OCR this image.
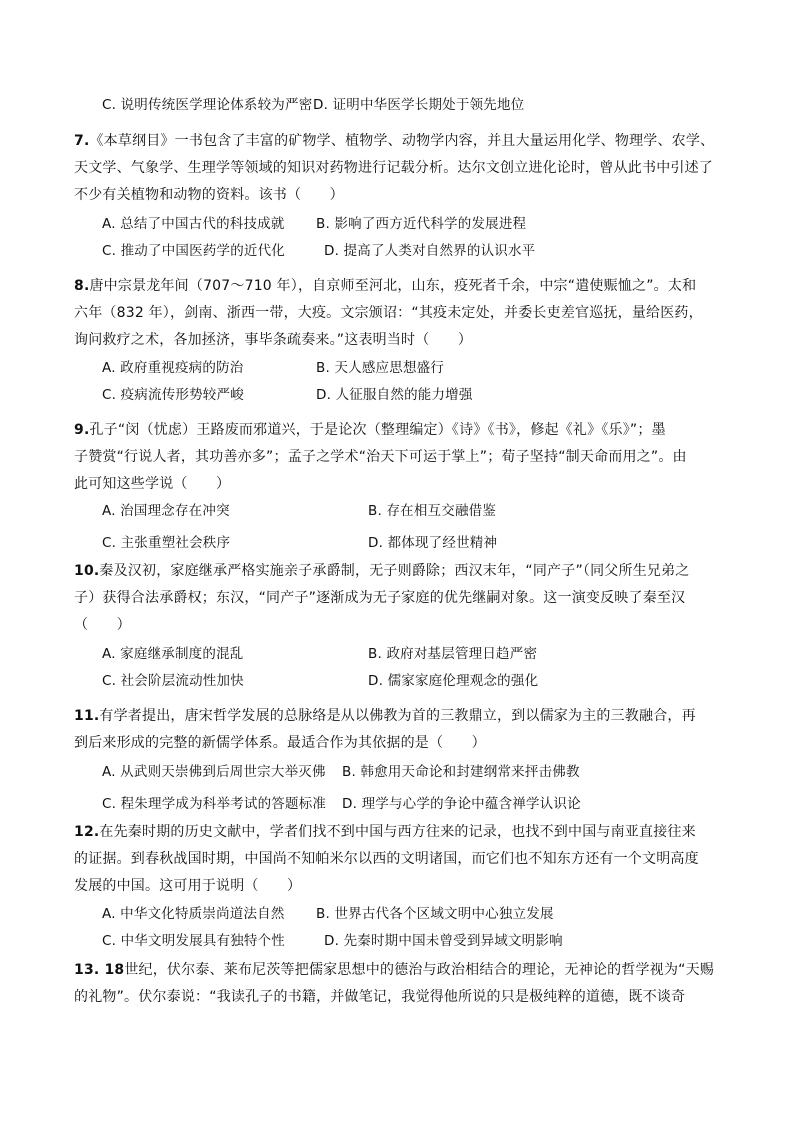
C. 说明传统医学理论体系较为严密 D. 证明中华医学长期处于领先地位
7.《本草纲目》一书包含了丰富的矿物学、植物学、动物学内容，并且大量运用化学、物理学、农学、
天文学、气象学、生理学等领域的知识对药物进行记载分析。达尔文创立进化论时，曾从此书中引述了
不少有关植物和动物的资料。该书（　　）
A. 总结了中国古代的科技成就 B. 影响了西方近代科学的发展进程
C. 推动了中国医药学的近代化	D. 提高了人类对自然界的认识水平
8.唐中宗景龙年间（707～710 年），自京师至河北，山东，疫死者千余，中宗“遣使赈恤之”。太和
六年（832 年），剑南、浙西一带，大疫。文宗颁诏：“其疫未定处，并委长吏差官巡抚，量给医药，
询问救疗之术，各加拯济，事毕条疏奏来。”这表明当时（　　）
A. 政府重视疫病的防治	B. 天人感应思想盛行
C. 疫病流传形势较严峻	D. 人征服自然的能力增强
9.孔子“闵（忧虑）王路废而邪道兴，于是论次（整理编定）《诗》《书》，修起《礼》《乐》”；墨
子赞赏“行说人者，其功善亦多”；孟子之学术“治天下可运于掌上”；荀子坚持“制天命而用之”。由
此可知这些学说（　　）
A. 治国理念存在冲突	B. 存在相互交融借鉴
C. 主张重塑社会秩序	D. 都体现了经世精神
10.秦及汉初，家庭继承严格实施亲子承爵制，无子则爵除；西汉末年，“同产子”（同父所生兄弟之
子）获得合法承爵权；东汉，“同产子”逐渐成为无子家庭的优先继嗣对象。这一演变反映了秦至汉
（　　）
A. 家庭继承制度的混乱	B. 政府对基层管理日趋严密
C. 社会阶层流动性加快	D. 儒家家庭伦理观念的强化
11.有学者提出，唐宋哲学发展的总脉络是从以佛教为首的三教鼎立，到以儒家为主的三教融合，再
到后来形成的完整的新儒学体系。最适合作为其依据的是（　　）
A. 从武则天崇佛到后周世宗大举灭佛 B. 韩愈用天命论和封建纲常来抨击佛教
C. 程朱理学成为科举考试的答题标准 D. 理学与心学的争论中蕴含禅学认识论
12.在先秦时期的历史文献中，学者们找不到中国与西方往来的记录，也找不到中国与南亚直接往来
的证据。到春秋战国时期，中国尚不知帕米尔以西的文明诸国，而它们也不知东方还有一个文明高度
发展的中国。这可用于说明（　　）
A. 中华文化特质崇尚道法自然 B. 世界古代各个区域文明中心独立发展
C. 中华文明发展具有独特个性	D. 先秦时期中国未曾受到异域文明影响
13. 18世纪，伏尔泰、莱布尼茨等把儒家思想中的德治与政治相结合的理论，无神论的哲学视为“天赐
的礼物”。伏尔泰说：“我读孔子的书籍，并做笔记，我觉得他所说的只是极纯粹的道德，既不谈奇
